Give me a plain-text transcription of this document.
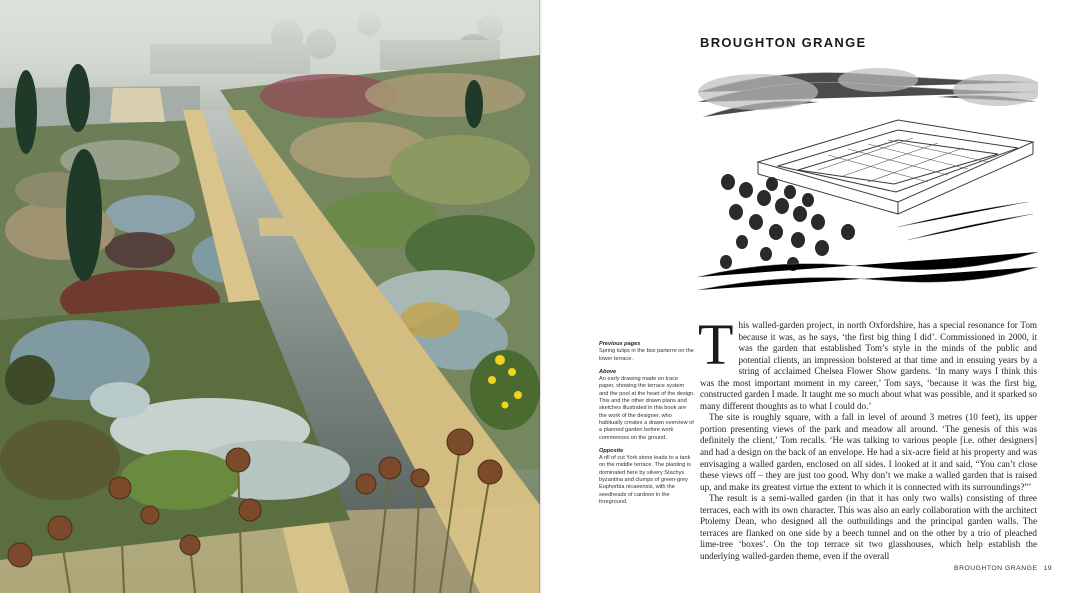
BROUGHTON GRANGE
Previous pages
Spring tulips in the box parterre on the lower terrace.
Above
An early drawing made on trace paper, showing the terrace system and the pool at the heart of the design. This and the other drawn plans and sketches illustrated in this book are the work of the designer, who habitually creates a drawn overview of a planned garden before work commences on the ground.
Opposite
A rill of cut York stone leads to a tank on the middle terrace. The planting is dominated here by silvery Stachys byzantina and clumps of green-grey Euphorbia nicaeensis, with the seedheads of cardoon in the foreground.

This walled-garden project, in north Oxfordshire, has a special resonance for Tom because it was, as he says, ‘the first big thing I did’. Commissioned in 2000, it was the garden that established Tom’s style in the minds of the public and potential clients, an impression bolstered at that time and in ensuing years by a string of acclaimed Chelsea Flower Show gardens. ‘In many ways I think this was the most important moment in my career,’ Tom says, ‘because it was the first big, constructed garden I made. It taught me so much about what was possible, and it sparked so many different thoughts as to what I could do.’

The site is roughly square, with a fall in level of around 3 metres (10 feet), its upper portion presenting views of the park and meadow all around. ‘The genesis of this was definitely the client,’ Tom recalls. ‘He was talking to various people [i.e. other designers] and had a design on the back of an envelope. He had a six-acre field at his property and was envisaging a walled garden, enclosed on all sides. I looked at it and said, “You can’t close these views off – they are just too good. Why don’t we make a walled garden that is raised up, and make its greatest virtue the extent to which it is connected with its surroundings?”’

The result is a semi-walled garden (in that it has only two walls) consisting of three terraces, each with its own character. This was also an early collaboration with the architect Ptolemy Dean, who designed all the outbuildings and the principal garden walls. The terraces are flanked on one side by a beech tunnel and on the other by a trio of pleached lime-tree ‘boxes’. On the top terrace sit two glasshouses, which help establish the underlying walled-garden theme, even if the overall

BROUGHTON GRANGE 19
